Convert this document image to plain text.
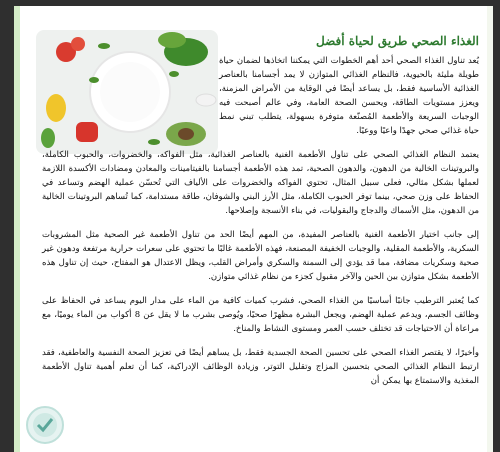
الغذاء الصحي طريق لحياة أفضل

يُعد تناول الغذاء الصحي أحد أهم الخطوات التي يمكننا اتخاذها لضمان حياة طويلة مليئة بالحيوية، فالنظام الغذائي المتوازن لا يمد أجسامنا بالعناصر الغذائية الأساسية فقط، بل يساعد أيضًا في الوقاية من الأمراض المزمنة، ويعزز مستويات الطاقة، ويحسن الصحة العامة، وفي عالم أصبحت فيه الوجبات السريعة والأطعمة المُصنّعة متوفرة بسهولة، يتطلب تبني نمط حياة غذائي صحي جهدًا واعيًا ووعيًا.

يعتمد النظام الغذائي الصحي على تناول الأطعمة الغنية بالعناصر الغذائية، مثل الفواكه، والخضروات، والحبوب الكاملة، والبروتينات الخالية من الدهون، والدهون الصحية، تمد هذه الأطعمة أجسامنا بالفيتامينات والمعادن ومضادات الأكسدة اللازمة لعملها بشكل مثالي، فعلى سبيل المثال، تحتوي الفواكه والخضروات على الألياف التي تُحسّن عملية الهضم وتساعد في الحفاظ على وزن صحي، بينما توفر الحبوب الكاملة، مثل الأرز البني والشوفان، طاقة مستدامة، كما تُساهم البروتينات الخالية من الدهون، مثل الأسماك والدجاج والبقوليات، في بناء الأنسجة وإصلاحها.

إلى جانب اختيار الأطعمة الغنية بالعناصر المفيدة، من المهم أيضًا الحد من تناول الأطعمة غير الصحية مثل المشروبات السكرية، والأطعمة المقلية، والوجبات الخفيفة المصنعة، فهذه الأطعمة غالبًا ما تحتوي على سعرات حرارية مرتفعة ودهون غير صحية وسكريات مضافة، مما قد يؤدي إلى السمنة والسكري وأمراض القلب، ويظل الاعتدال هو المفتاح، حيث إن تناول هذه الأطعمة بشكل متوازن بين الحين والآخر مقبول كجزء من نظام غذائي متوازن.

كما يُعتبر الترطيب جانبًا أساسيًا من الغذاء الصحي، فشرب كميات كافية من الماء على مدار اليوم يساعد في الحفاظ على وظائف الجسم، ويدعم عملية الهضم، ويجعل البشرة مظهرًا صحيًا، ويُوصى بشرب ما لا يقل عن 8 أكواب من الماء يوميًا، مع مراعاة أن الاحتياجات قد تختلف حسب العمر ومستوى النشاط والمناخ.

وأخيرًا، لا يقتصر الغذاء الصحي على تحسين الصحة الجسدية فقط، بل يساهم أيضًا في تعزيز الصحة النفسية والعاطفية، فقد ارتبط النظام الغذائي الصحي بتحسين المزاج وتقليل التوتر، وزيادة الوظائف الإدراكية، كما أن تعلم أهمية تناول الأطعمة المغذية والاستمتاع بها يمكن أن
